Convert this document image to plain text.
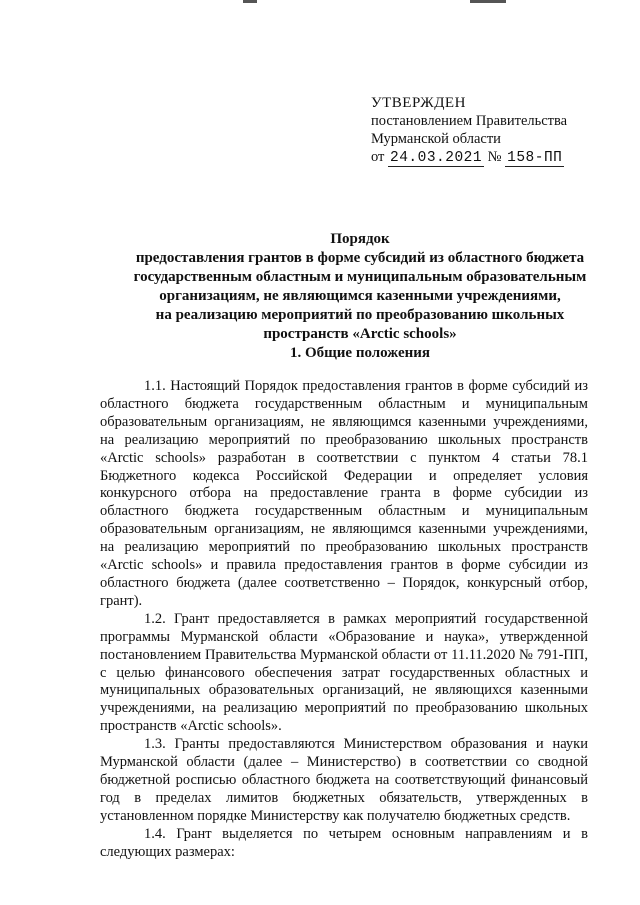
УТВЕРЖДЕН
постановлением Правительства
Мурманской области
от 24.03.2021 № 158-ПП
Порядок
предоставления грантов в форме субсидий из областного бюджета
государственным областным и муниципальным образовательным
организациям, не являющимся казенными учреждениями,
на реализацию мероприятий по преобразованию школьных
пространств «Arctic schools»
1. Общие положения

1.1. Настоящий Порядок предоставления грантов в форме субсидий из областного бюджета государственным областным и муниципальным образовательным организациям, не являющимся казенными учреждениями, на реализацию мероприятий по преобразованию школьных пространств «Arctic schools» разработан в соответствии с пунктом 4 статьи 78.1 Бюджетного кодекса Российской Федерации и определяет условия конкурсного отбора на предоставление гранта в форме субсидии из областного бюджета государственным областным и муниципальным образовательным организациям, не являющимся казенными учреждениями, на реализацию мероприятий по преобразованию школьных пространств «Arctic schools» и правила предоставления грантов в форме субсидии из областного бюджета (далее соответственно – Порядок, конкурсный отбор, грант).

1.2. Грант предоставляется в рамках мероприятий государственной программы Мурманской области «Образование и наука», утвержденной постановлением Правительства Мурманской области от 11.11.2020 № 791-ПП, с целью финансового обеспечения затрат государственных областных и муниципальных образовательных организаций, не являющихся казенными учреждениями, на реализацию мероприятий по преобразованию школьных пространств «Arctic schools».

1.3. Гранты предоставляются Министерством образования и науки Мурманской области (далее – Министерство) в соответствии со сводной бюджетной росписью областного бюджета на соответствующий финансовый год в пределах лимитов бюджетных обязательств, утвержденных в установленном порядке Министерству как получателю бюджетных средств.

1.4. Грант выделяется по четырем основным направлениям и в следующих размерах:
